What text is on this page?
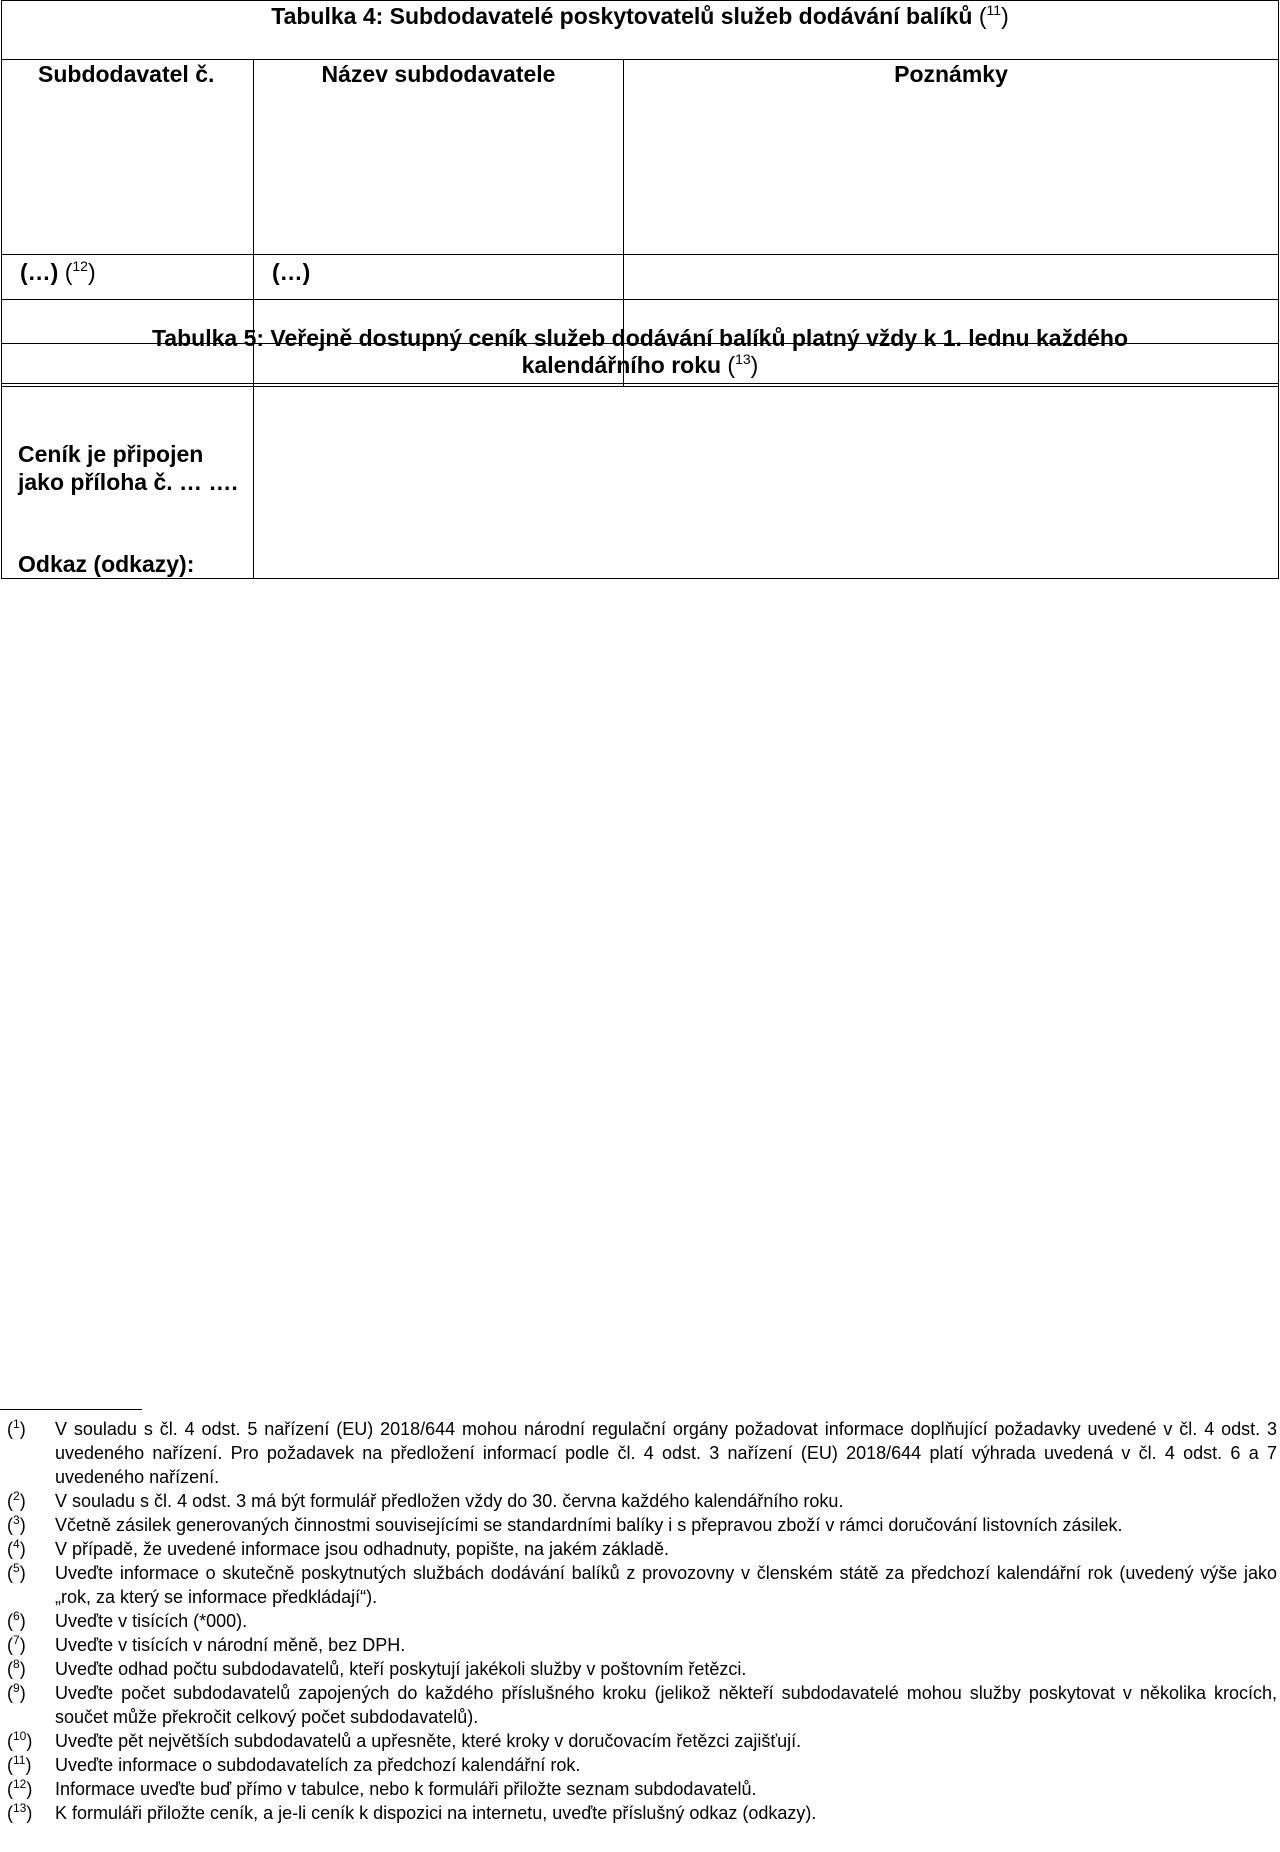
Tabulka 4: Subdodavatelé poskytovatelů služeb dodávání balíků ($^{11}$)		

Subdodavatel č.	Název subdodavatele	Poznámky

(…) ($^{12}$)	(…)	

Ceník je připojen jako příloha č. … ….
Odkaz (odkazy):

Tabulka 5: Veřejně dostupný ceník služeb dodávání balíků platný vždy k 1. lednu každého
kalendářního roku ($^{13}$)
($^1$)	V souladu s čl. 4 odst. 5 nařízení (EU) 2018/644 mohou národní regulační orgány požadovat informace doplňující požadavky uvedené v čl. 4 odst. 3 uvedeného nařízení. Pro požadavek na předložení informací podle čl. 4 odst. 3 nařízení (EU) 2018/644 platí výhrada uvedená v čl. 4 odst. 6 a 7 uvedeného nařízení.
($^2$)	V souladu s čl. 4 odst. 3 má být formulář předložen vždy do 30. června každého kalendářního roku.
($^3$)	Včetně zásilek generovaných činnostmi souvisejícími se standardními balíky i s přepravou zboží v rámci doručování listovních zásilek.
($^4$)	V případě, že uvedené informace jsou odhadnuty, popište, na jakém základě.
($^5$)	Uveďte informace o skutečně poskytnutých službách dodávání balíků z provozovny v členském státě za předchozí kalendářní rok (uvedený výše jako „rok, za který se informace předkládají“).
($^6$)	Uveďte v tisících (*000).
($^7$)	Uveďte v tisících v národní měně, bez DPH.
($^8$)	Uveďte odhad počtu subdodavatelů, kteří poskytují jakékoli služby v poštovním řetězci.
($^9$)	Uveďte počet subdodavatelů zapojených do každého příslušného kroku (jelikož někteří subdodavatelé mohou služby poskytovat v několika krocích, součet může překročit celkový počet subdodavatelů).
($^{10}$)	Uveďte pět největších subdodavatelů a upřesněte, které kroky v doručovacím řetězci zajišťují.
($^{11}$)	Uveďte informace o subdodavatelích za předchozí kalendářní rok.
($^{12}$)	Informace uveďte buď přímo v tabulce, nebo k formuláři přiložte seznam subdodavatelů.
($^{13}$)	K formuláři přiložte ceník, a je-li ceník k dispozici na internetu, uveďte příslušný odkaz (odkazy).
